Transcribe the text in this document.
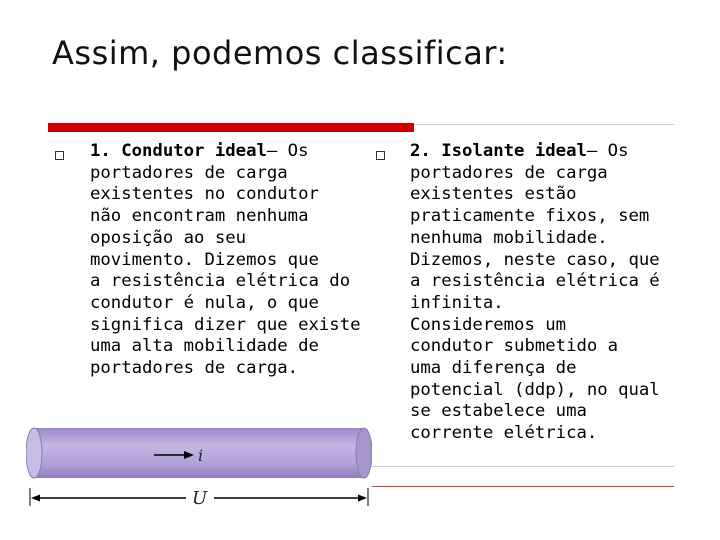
Assim, podemos classificar:
1. Condutor ideal– Os
portadores de carga
existentes no condutor
não encontram nenhuma
oposição ao seu
movimento. Dizemos que
a resistência elétrica do
condutor é nula, o que
significa dizer que existe
uma alta mobilidade de
portadores de carga.
2. Isolante ideal– Os
portadores de carga
existentes estão
praticamente fixos, sem
nenhuma mobilidade.
Dizemos, neste caso, que
a resistência elétrica é
infinita.
Consideremos um
condutor submetido a
uma diferença de
potencial (ddp), no qual
se estabelece uma
corrente elétrica.
i
U
